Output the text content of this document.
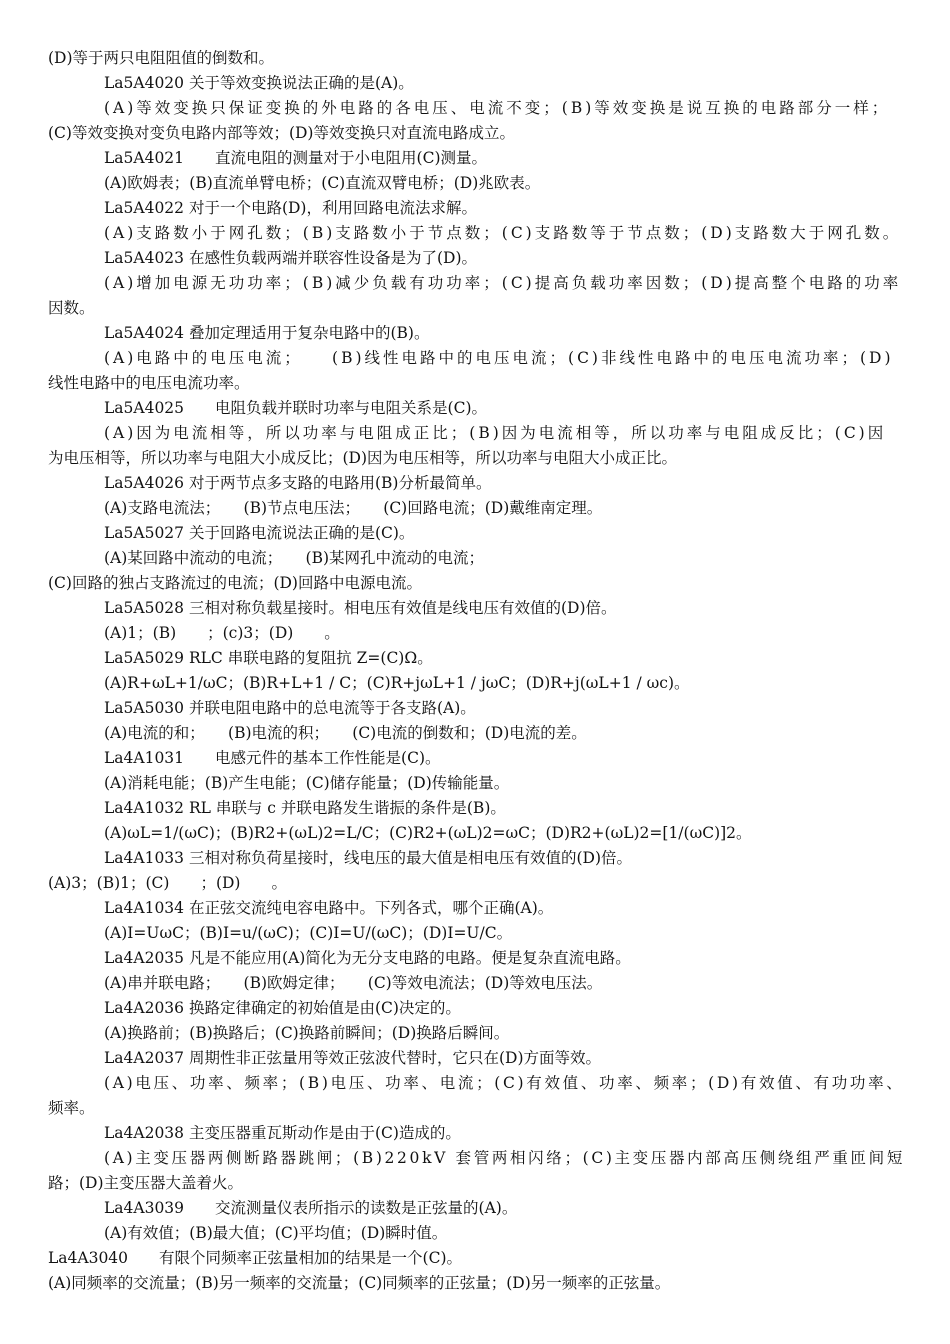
(D)等于两只电阻阻值的倒数和。
La5A4020 关于等效变换说法正确的是(A)。
(A)等效变换只保证变换的外电路的各电压、电流不变；(B)等效变换是说互换的电路部分一样；
(C)等效变换对变负电路内部等效；(D)等效变换只对直流电路成立。
La5A4021　　直流电阻的测量对于小电阻用(C)测量。
(A)欧姆表；(B)直流单臂电桥；(C)直流双臂电桥；(D)兆欧表。
La5A4022 对于一个电路(D)，利用回路电流法求解。
(A)支路数小于网孔数；(B)支路数小于节点数；(C)支路数等于节点数；(D)支路数大于网孔数。
La5A4023 在感性负载两端并联容性设备是为了(D)。
(A)增加电源无功功率；(B)减少负载有功功率；(C)提高负载功率因数；(D)提高整个电路的功率
因数。
La5A4024 叠加定理适用于复杂电路中的(B)。
(A)电路中的电压电流；　　(B)线性电路中的电压电流；(C)非线性电路中的电压电流功率；(D)
线性电路中的电压电流功率。
La5A4025　　电阻负载并联时功率与电阻关系是(C)。
(A)因为电流相等，所以功率与电阻成正比；(B)因为电流相等，所以功率与电阻成反比；(C)因
为电压相等，所以功率与电阻大小成反比；(D)因为电压相等，所以功率与电阻大小成正比。
La5A4026 对于两节点多支路的电路用(B)分析最简单。
(A)支路电流法；　　(B)节点电压法；　　(C)回路电流；(D)戴维南定理。
La5A5027 关于回路电流说法正确的是(C)。
(A)某回路中流动的电流；　　(B)某网孔中流动的电流；
(C)回路的独占支路流过的电流；(D)回路中电源电流。
La5A5028 三相对称负载星接时。相电压有效值是线电压有效值的(D)倍。
(A)1；(B)　　；(c)3；(D)　　。
La5A5029 RLC 串联电路的复阻抗 Z=(C)Ω。
(A)R+ωL+1/ωC；(B)R+L+1 / C；(C)R+jωL+1 / jωC；(D)R+j(ωL+1 / ωc)。
La5A5030 并联电阻电路中的总电流等于各支路(A)。
(A)电流的和；　　(B)电流的积；　　(C)电流的倒数和；(D)电流的差。
La4A1031　　电感元件的基本工作性能是(C)。
(A)消耗电能；(B)产生电能；(C)储存能量；(D)传输能量。
La4A1032 RL 串联与 c 并联电路发生谐振的条件是(B)。
(A)ωL=1/(ωC)；(B)R2+(ωL)2=L/C；(C)R2+(ωL)2=ωC；(D)R2+(ωL)2=[1/(ωC)]2。
La4A1033 三相对称负荷星接时，线电压的最大值是相电压有效值的(D)倍。
(A)3；(B)1；(C)　　；(D)　　。
La4A1034 在正弦交流纯电容电路中。下列各式，哪个正确(A)。
(A)I=UωC；(B)I=u/(ωC)；(C)I=U/(ωC)；(D)I=U/C。
La4A2035 凡是不能应用(A)简化为无分支电路的电路。便是复杂直流电路。
(A)串并联电路；　　(B)欧姆定律；　　(C)等效电流法；(D)等效电压法。
La4A2036 换路定律确定的初始值是由(C)决定的。
(A)换路前；(B)换路后；(C)换路前瞬间；(D)换路后瞬间。
La4A2037 周期性非正弦量用等效正弦波代替时，它只在(D)方面等效。
(A)电压、功率、频率；(B)电压、功率、电流；(C)有效值、功率、频率；(D)有效值、有功功率、
频率。
La4A2038 主变压器重瓦斯动作是由于(C)造成的。
(A)主变压器两侧断路器跳闸；(B)220kV 套管两相闪络；(C)主变压器内部高压侧绕组严重匝间短
路；(D)主变压器大盖着火。
La4A3039　　交流测量仪表所指示的读数是正弦量的(A)。
(A)有效值；(B)最大值；(C)平均值；(D)瞬时值。
La4A3040　　有限个同频率正弦量相加的结果是一个(C)。
(A)同频率的交流量；(B)另一频率的交流量；(C)同频率的正弦量；(D)另一频率的正弦量。
